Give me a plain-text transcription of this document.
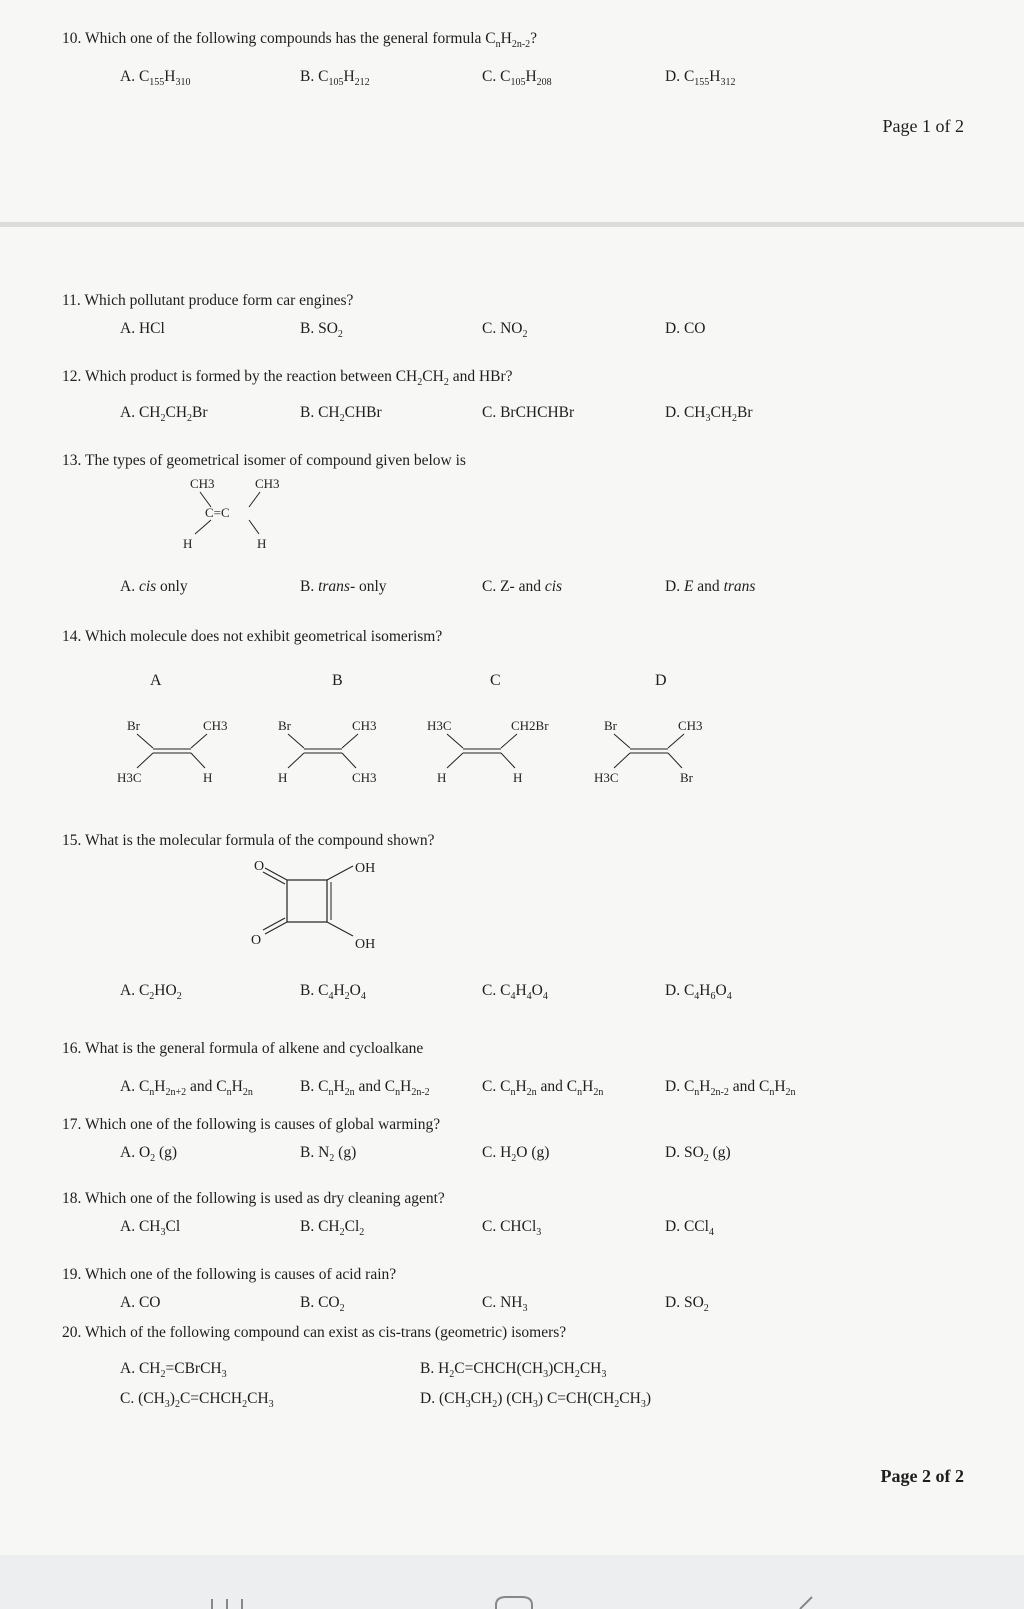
10. Which one of the following compounds has the general formula $C_nH_{2n-2}$?
A. $C_{155}H_{310}$	B. $C_{105}H_{212}$	C. $C_{105}H_{208}$	D. $C_{155}H_{312}$
Page 1 of 2
11. Which pollutant produce form car engines?
A. HCl	B. $SO_2$	C. $NO_2$	D. CO
12. Which product is formed by the reaction between $CH_2CH_2$ and HBr?
A. $CH_2CH_2Br$	B. $CH_2CHBr$	C. BrCHCHBr	D. $CH_3CH_2Br$
13. The types of geometrical isomer of compound given below is
CH3	CH3
C=C
H	H
A. cis only	B. trans- only	C. Z- and cis	D. E and trans
14. Which molecule does not exhibit geometrical isomerism?
A	B	C	D
Br	CH3
H3C	H
Br	CH3
H	CH3
H3C	CH2Br
H	H
Br	CH3
H3C	Br
15. What is the molecular formula of the compound shown?
O	OH
O	OH
A. $C_2HO_2$	B. $C_4H_2O_4$	C. $C_4H_4O_4$	D. $C_4H_6O_4$
16. What is the general formula of alkene and cycloalkane
A. $C_nH_{2n+2}$ and $C_nH_{2n}$	B. $C_nH_{2n}$ and $C_nH_{2n-2}$	C. $C_nH_{2n}$ and $C_nH_{2n}$	D. $C_nH_{2n-2}$ and $C_nH_{2n}$
17. Which one of the following is causes of global warming?
A. $O_2$ (g)	B. $N_2$ (g)	C. $H_2O$ (g)	D. $SO_2$ (g)
18. Which one of the following is used as dry cleaning agent?
A. $CH_3Cl$	B. $CH_2Cl_2$	C. CHCl$_3$	D. CCl$_4$
19. Which one of the following is causes of acid rain?
A. CO	B. $CO_2$	C. $NH_3$	D. $SO_2$
20. Which of the following compound can exist as cis-trans (geometric) isomers?
A. $CH_2=CBrCH_3$	B. $H_2C=CHCH(CH_3)CH_2CH_3$
C. $(CH_3)_2C=CHCH_2CH_3$	D. $(CH_3CH_2)$ $(CH_3)$ $C=CH(CH_2CH_3)$
Page 2 of 2
